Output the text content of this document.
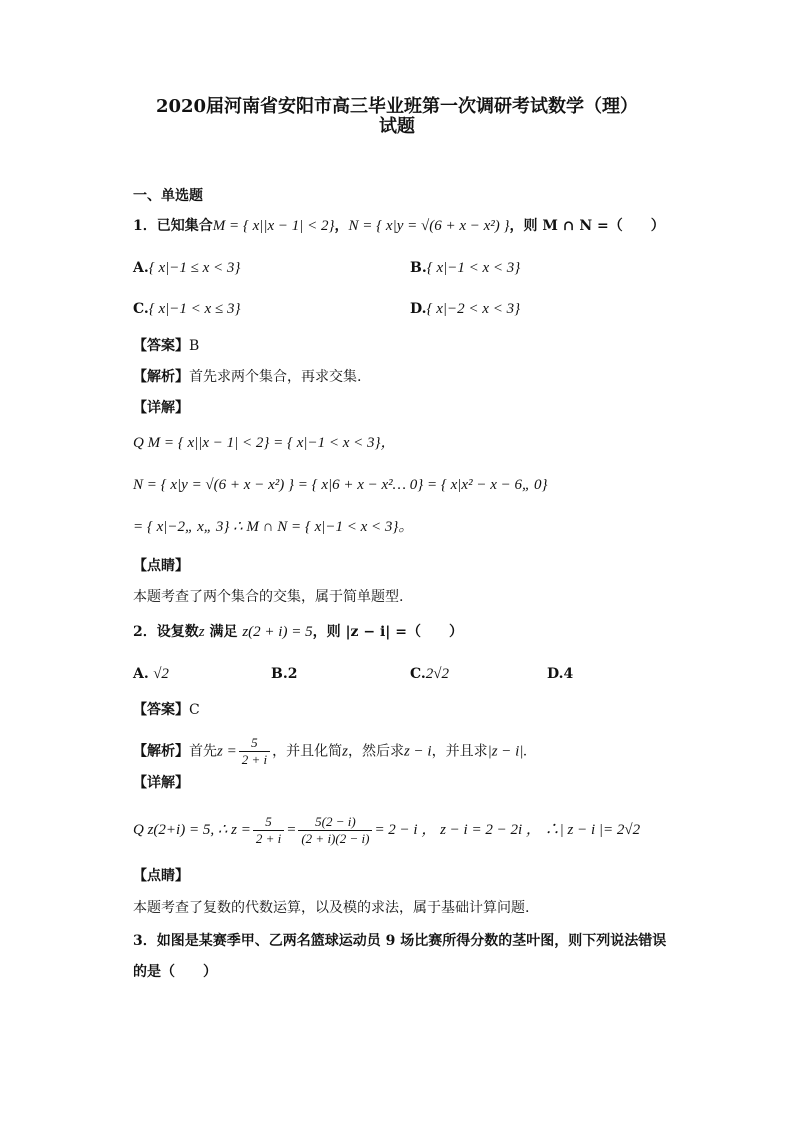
2020届河南省安阳市高三毕业班第一次调研考试数学（理）
试题
一、单选题
1．已知集合M = { x||x − 1| < 2}，N = { x|y = √(6 + x − x²) }，则 M ∩ N =（　　）
A.{ x|−1 ≤ x < 3}	B.{ x|−1 < x < 3}
C.{ x|−1 < x ≤ 3}	D.{ x|−2 < x < 3}
【答案】B
【解析】首先求两个集合，再求交集.
【详解】
Q M = { x||x − 1| < 2} = { x|−1 < x < 3}，
N = { x|y = √(6 + x − x²) } = { x|6 + x − x²… 0} = { x|x² − x − 6„ 0}
= { x|−2„ x„ 3} ∴ M ∩ N = { x|−1 < x < 3}。
【点睛】
本题考查了两个集合的交集，属于简单题型.
2．设复数z 满足 z(2 + i) = 5，则 |z − i| =（　　）
A. √2	B.2	C.2√2	D.4
【答案】C
【解析】首先$z = \frac{5}{2 + i}$ ，并且化简z，然后求z − i，并且求|z − i|.
【详解】
Q z(2+i) = 5, ∴ $z = \frac{5}{2 + i} = \frac{5(2 - i)}{(2 + i)(2 - i)} = 2 - i$ ， z − i = 2 − 2i ， ∴| z − i |= 2√2
【点睛】
本题考查了复数的代数运算，以及模的求法，属于基础计算问题.
3．如图是某赛季甲、乙两名篮球运动员 9 场比赛所得分数的茎叶图，则下列说法错误
的是（　　）
